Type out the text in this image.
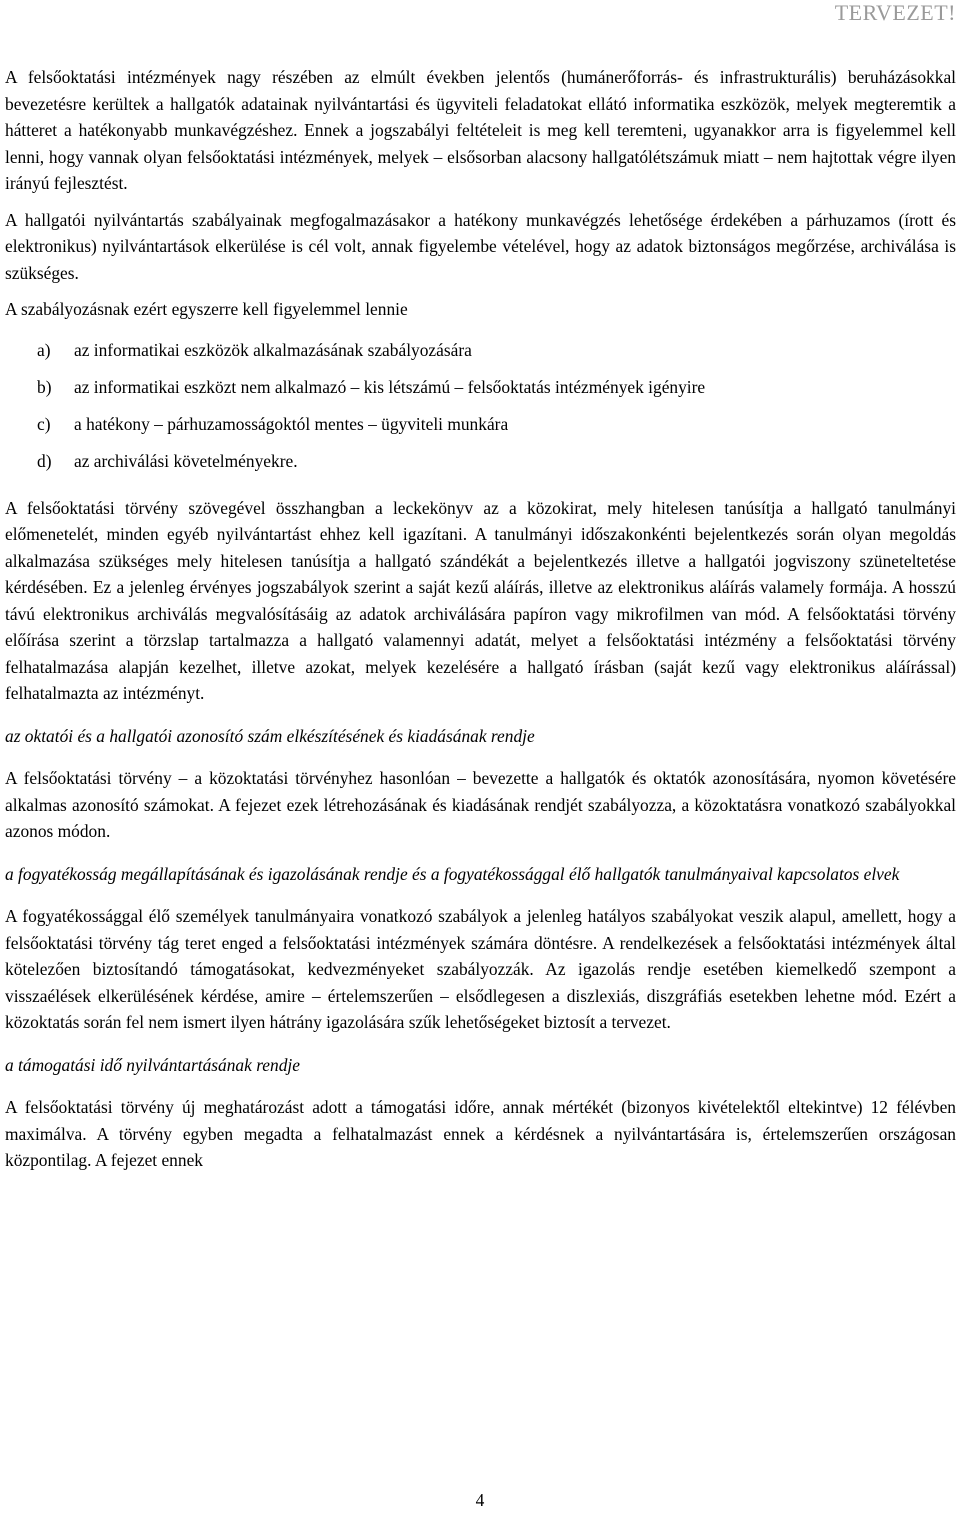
TERVEZET!

A felsőoktatási intézmények nagy részében az elmúlt években jelentős (humánerőforrás- és infrastrukturális) beruházásokkal bevezetésre kerültek a hallgatók adatainak nyilvántartási és ügyviteli feladatokat ellátó informatika eszközök, melyek megteremtik a hátteret a hatékonyabb munkavégzéshez. Ennek a jogszabályi feltételeit is meg kell teremteni, ugyanakkor arra is figyelemmel kell lenni, hogy vannak olyan felsőoktatási intézmények, melyek – elsősorban alacsony hallgatólétszámuk miatt – nem hajtottak végre ilyen irányú fejlesztést.

A hallgatói nyilvántartás szabályainak megfogalmazásakor a hatékony munkavégzés lehetősége érdekében a párhuzamos (írott és elektronikus) nyilvántartások elkerülése is cél volt, annak figyelembe vételével, hogy az adatok biztonságos megőrzése, archiválása is szükséges.

A szabályozásnak ezért egyszerre kell figyelemmel lennie

a) az informatikai eszközök alkalmazásának szabályozására
b) az informatikai eszközt nem alkalmazó – kis létszámú – felsőoktatás intézmények igényire
c) a hatékony – párhuzamosságoktól mentes – ügyviteli munkára
d) az archiválási követelményekre.

A felsőoktatási törvény szövegével összhangban a leckekönyv az a közokirat, mely hitelesen tanúsítja a hallgató tanulmányi előmenetelét, minden egyéb nyilvántartást ehhez kell igazítani. A tanulmányi időszakonkénti bejelentkezés során olyan megoldás alkalmazása szükséges mely hitelesen tanúsítja a hallgató szándékát a bejelentkezés illetve a hallgatói jogviszony szüneteltetése kérdésében. Ez a jelenleg érvényes jogszabályok szerint a saját kezű aláírás, illetve az elektronikus aláírás valamely formája. A hosszú távú elektronikus archiválás megvalósításáig az adatok archiválására papíron vagy mikrofilmen van mód. A felsőoktatási törvény előírása szerint a törzslap tartalmazza a hallgató valamennyi adatát, melyet a felsőoktatási intézmény a felsőoktatási törvény felhatalmazása alapján kezelhet, illetve azokat, melyek kezelésére a hallgató írásban (saját kezű vagy elektronikus aláírással) felhatalmazta az intézményt.

az oktatói és a hallgatói azonosító szám elkészítésének és kiadásának rendje

A felsőoktatási törvény – a közoktatási törvényhez hasonlóan – bevezette a hallgatók és oktatók azonosítására, nyomon követésére alkalmas azonosító számokat. A fejezet ezek létrehozásának és kiadásának rendjét szabályozza, a közoktatásra vonatkozó szabályokkal azonos módon.

a fogyatékosság megállapításának és igazolásának rendje és a fogyatékossággal élő hallgatók tanulmányaival kapcsolatos elvek

A fogyatékossággal élő személyek tanulmányaira vonatkozó szabályok a jelenleg hatályos szabályokat veszik alapul, amellett, hogy a felsőoktatási törvény tág teret enged a felsőoktatási intézmények számára döntésre. A rendelkezések a felsőoktatási intézmények által kötelezően biztosítandó támogatásokat, kedvezményeket szabályozzák. Az igazolás rendje esetében kiemelkedő szempont a visszaélések elkerülésének kérdése, amire – értelemszerűen – elsődlegesen a diszlexiás, diszgráfiás esetekben lehetne mód. Ezért a közoktatás során fel nem ismert ilyen hátrány igazolására szűk lehetőségeket biztosít a tervezet.

a támogatási idő nyilvántartásának rendje

A felsőoktatási törvény új meghatározást adott a támogatási időre, annak mértékét (bizonyos kivételektől eltekintve) 12 félévben maximálva. A törvény egyben megadta a felhatalmazást ennek a kérdésnek a nyilvántartására is, értelemszerűen országosan központilag. A fejezet ennek

4
